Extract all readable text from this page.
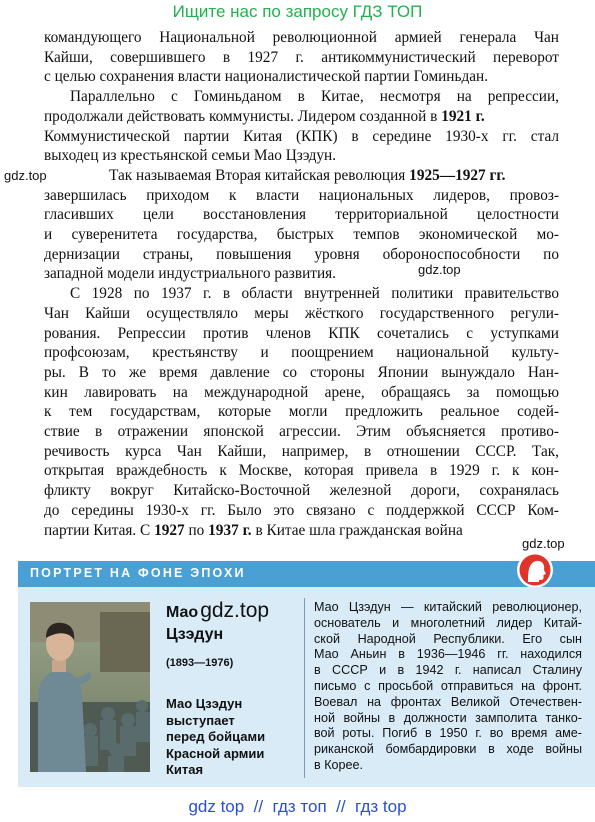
Ищите нас по запросу ГДЗ ТОП
gdz.top
gdz.top
gdz.top
командующего Национальной революционной армией генерала Чан
Кайши, совершившего в 1927 г. антикоммунистический переворот
с целью сохранения власти националистической партии Гоминьдан.
Параллельно с Гоминьданом в Китае, несмотря на репрессии,
продолжали действовать коммунисты. Лидером созданной в 1921 г.
Коммунистической партии Китая (КПК) в середине 1930-х гг. стал
выходец из крестьянской семьи Мао Цзэдун.
Так называемая Вторая китайская революция 1925—1927 гг.
завершилась приходом к власти национальных лидеров, провоз-
гласивших цели восстановления территориальной целостности
и суверенитета государства, быстрых темпов экономической мо-
дернизации страны, повышения уровня обороноспособности по
западной модели индустриального развития.
С 1928 по 1937 г. в области внутренней политики правительство
Чан Кайши осуществляло меры жёсткого государственного регули-
рования. Репрессии против членов КПК сочетались с уступками
профсоюзам, крестьянству и поощрением национальной культу-
ры. В то же время давление со стороны Японии вынуждало Нан-
кин лавировать на международной арене, обращаясь за помощью
к тем государствам, которые могли предложить реальное содей-
ствие в отражении японской агрессии. Этим объясняется противо-
речивость курса Чан Кайши, например, в отношении СССР. Так,
открытая враждебность к Москве, которая привела в 1929 г. к кон-
фликту вокруг Китайско-Восточной железной дороги, сохранялась
до середины 1930-х гг. Было это связано с поддержкой СССР Ком-
партии Китая. С 1927 по 1937 г. в Китае шла гражданская война
ПОРТРЕТ НА ФОНЕ ЭПОХИ
Маоgdz.top
Цзэдун
(1893—1976)
Мао Цзэдун
выступает
перед бойцами
Красной армии
Китая
Мао Цзэдун — китайский революционер,
основатель и многолетний лидер Китай-
ской Народной Республики. Его сын
Мао Аньин в 1936—1946 гг. находился
в СССР и в 1942 г. написал Сталину
письмо с просьбой отправиться на фронт.
Воевал на фронтах Великой Отечествен-
ной войны в должности замполита танко-
вой роты. Погиб в 1950 г. во время аме-
риканской бомбардировки в ходе войны
в Корее.
gdz top  //  гдз топ  //  гдз top
